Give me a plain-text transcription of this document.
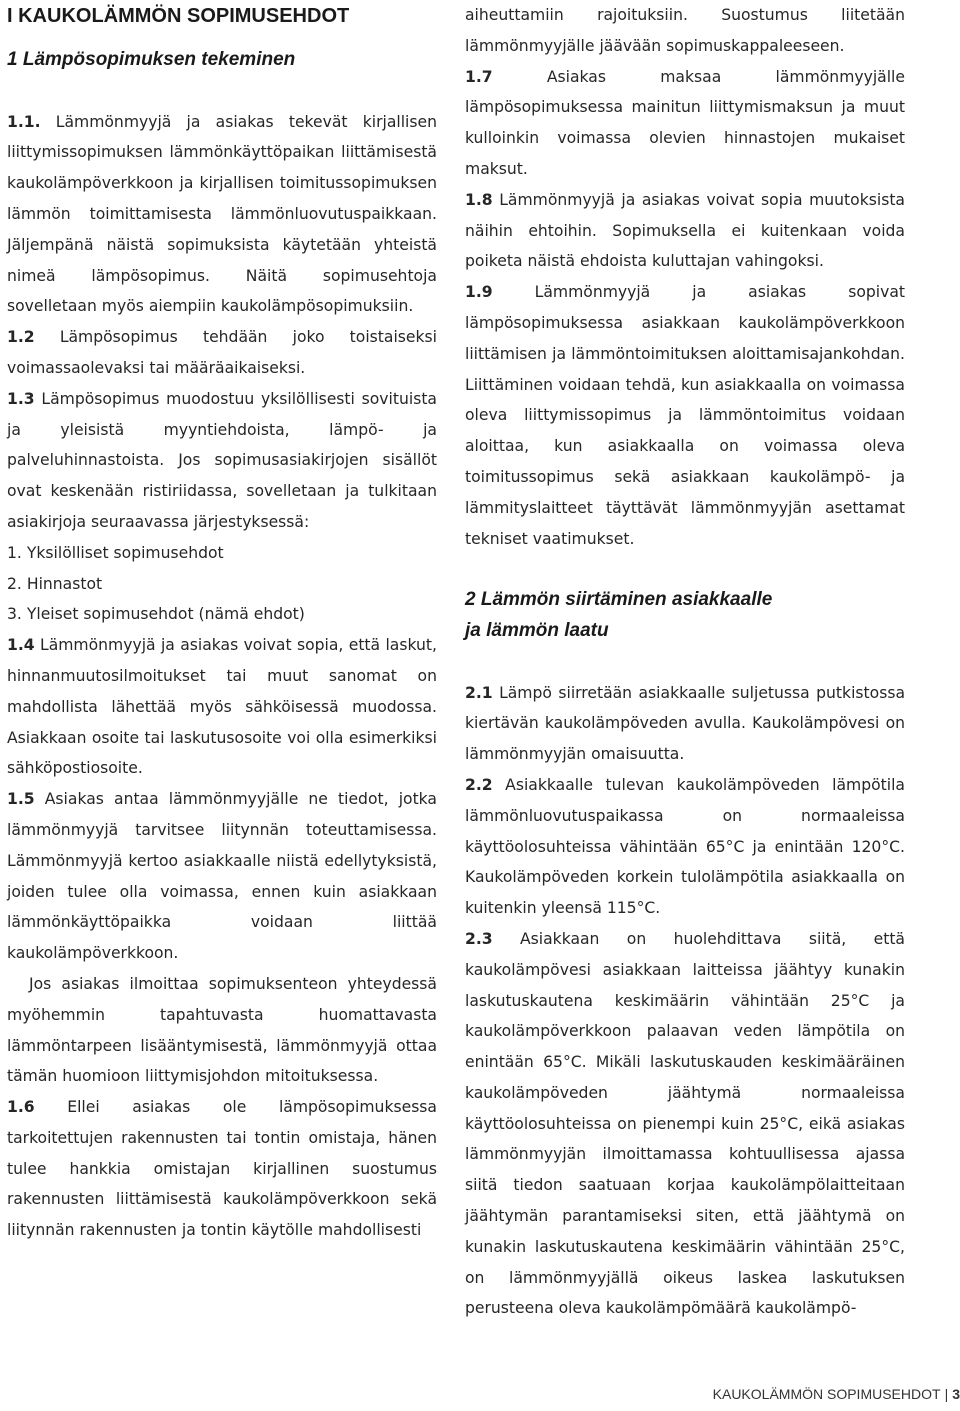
I KAUKOLÄMMÖN SOPIMUSEHDOT
1 Lämpösopimuksen tekeminen

1.1. Lämmönmyyjä ja asiakas tekevät kirjallisen liittymissopimuksen lämmönkäyttöpaikan liittämisestä kaukolämpöverkkoon ja kirjallisen toimitussopimuksen lämmön toimittamisesta lämmönluovutuspaikkaan. Jäljempänä näistä sopimuksista käytetään yhteistä nimeä lämpösopimus. Näitä sopimusehtoja sovelletaan myös aiempiin kaukolämpösopimuksiin.

1.2 Lämpösopimus tehdään joko toistaiseksi voimassaolevaksi tai määräaikaiseksi.

1.3 Lämpösopimus muodostuu yksilöllisesti sovituista ja yleisistä myyntiehdoista, lämpö- ja palveluhinnastoista. Jos sopimusasiakirjojen sisällöt ovat keskenään ristiriidassa, sovelletaan ja tulkitaan asiakirjoja seuraavassa järjestyksessä:

1. Yksilölliset sopimusehdot

2. Hinnastot

3. Yleiset sopimusehdot (nämä ehdot)

1.4 Lämmönmyyjä ja asiakas voivat sopia, että laskut, hinnanmuutosilmoitukset tai muut sanomat on mahdollista lähettää myös sähköisessä muodossa. Asiakkaan osoite tai laskutusosoite voi olla esimerkiksi sähköpostiosoite.

1.5 Asiakas antaa lämmönmyyjälle ne tiedot, jotka lämmönmyyjä tarvitsee liitynnän toteuttamisessa. Lämmönmyyjä kertoo asiakkaalle niistä edellytyksistä, joiden tulee olla voimassa, ennen kuin asiakkaan lämmönkäyttöpaikka voidaan liittää kaukolämpöverkkoon.

Jos asiakas ilmoittaa sopimuksenteon yhteydessä myöhemmin tapahtuvasta huomattavasta lämmöntarpeen lisääntymisestä, lämmönmyyjä ottaa tämän huomioon liittymisjohdon mitoituksessa.

1.6 Ellei asiakas ole lämpösopimuksessa tarkoitettujen rakennusten tai tontin omistaja, hänen tulee hankkia omistajan kirjallinen suostumus rakennusten liittämisestä kaukolämpöverkkoon sekä liitynnän rakennusten ja tontin käytölle mahdollisesti

aiheuttamiin rajoituksiin. Suostumus liitetään lämmönmyyjälle jäävään sopimuskappaleeseen.

1.7	Asiakas maksaa lämmönmyyjälle lämpösopimuksessa mainitun liittymismaksun ja muut kulloinkin voimassa olevien hinnastojen mukaiset maksut.

1.8 Lämmönmyyjä ja asiakas voivat sopia muutoksista näihin ehtoihin. Sopimuksella ei kuitenkaan voida poiketa näistä ehdoista kuluttajan vahingoksi.

1.9	Lämmönmyyjä ja asiakas sopivat lämpösopimuksessa asiakkaan kaukolämpöverkkoon liittämisen ja lämmöntoimituksen aloittamisajankohdan. Liittäminen voidaan tehdä, kun asiakkaalla on voimassa oleva liittymissopimus ja lämmöntoimitus voidaan aloittaa, kun asiakkaalla on voimassa oleva toimitussopimus sekä asiakkaan kaukolämpö- ja lämmityslaitteet täyttävät lämmönmyyjän asettamat tekniset vaatimukset.

2 Lämmön siirtäminen asiakkaalle
ja lämmön laatu

2.1 Lämpö siirretään asiakkaalle suljetussa putkistossa kiertävän kaukolämpöveden avulla. Kaukolämpövesi on lämmönmyyjän omaisuutta.

2.2 Asiakkaalle tulevan kaukolämpöveden lämpötila lämmönluovutuspaikassa on normaaleissa käyttöolosuhteissa vähintään 65°C ja enintään 120°C. Kaukolämpöveden korkein tulolämpötila asiakkaalla on kuitenkin yleensä 115°C.

2.3 Asiakkaan on huolehdittava siitä, että kaukolämpövesi asiakkaan laitteissa jäähtyy kunakin laskutuskautena keskimäärin vähintään 25°C ja kaukolämpöverkkoon palaavan veden lämpötila on enintään 65°C. Mikäli laskutuskauden keskimääräinen kaukolämpöveden jäähtymä normaaleissa käyttöolosuhteissa on pienempi kuin 25°C, eikä asiakas lämmönmyyjän ilmoittamassa kohtuullisessa ajassa siitä tiedon saatuaan korjaa kaukolämpölaitteitaan jäähtymän parantamiseksi siten, että jäähtymä on kunakin laskutuskautena keskimäärin vähintään 25°C, on lämmönmyyjällä oikeus laskea laskutuksen perusteena oleva kaukolämpömäärä kaukolämpö-

KAUKOLÄMMÖN SOPIMUSEHDOT | 3
